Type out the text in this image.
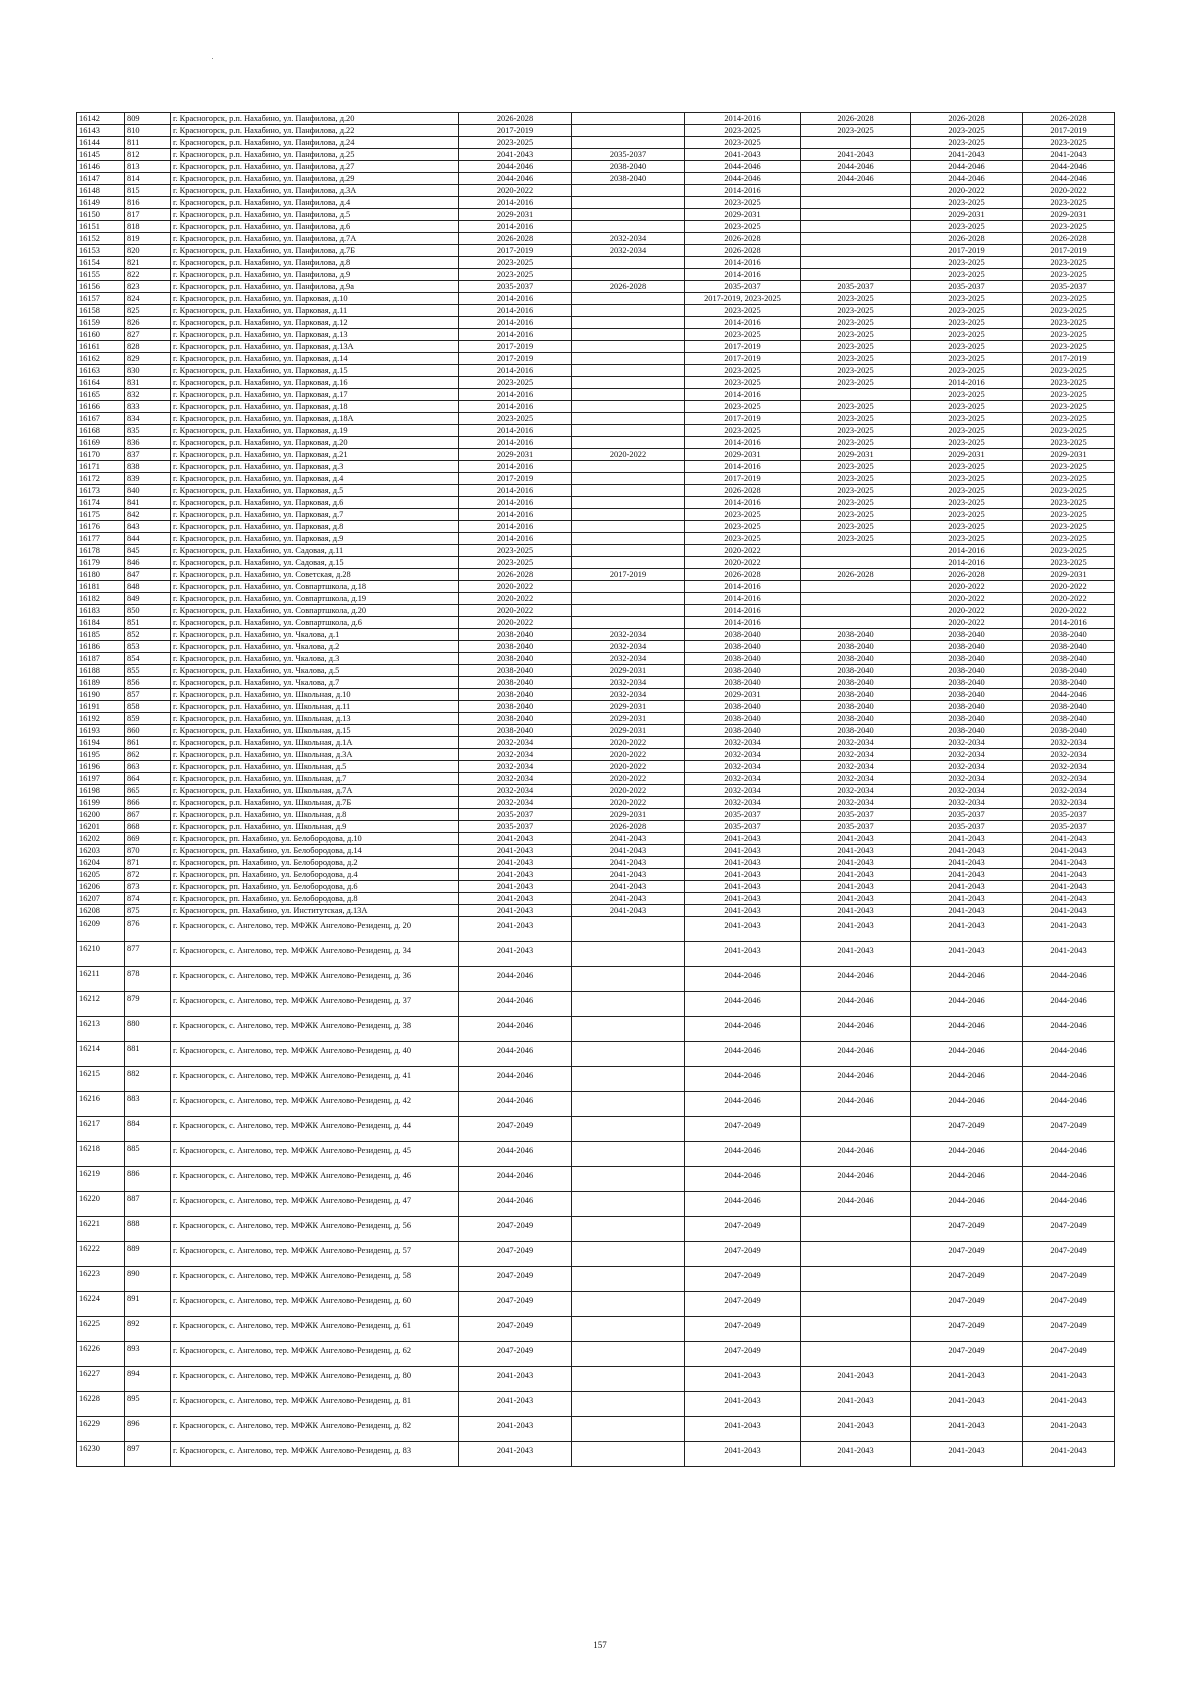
16142	809	г. Красногорск, р.п. Нахабино, ул. Панфилова, д.20	2026-2028		2014-2016	2026-2028	2026-2028	2026-2028
16143	810	г. Красногорск, р.п. Нахабино, ул. Панфилова, д.22	2017-2019		2023-2025	2023-2025	2023-2025	2017-2019
16144	811	г. Красногорск, р.п. Нахабино, ул. Панфилова, д.24	2023-2025		2023-2025		2023-2025	2023-2025
16145	812	г. Красногорск, р.п. Нахабино, ул. Панфилова, д.25	2041-2043	2035-2037	2041-2043	2041-2043	2041-2043	2041-2043
16146	813	г. Красногорск, р.п. Нахабино, ул. Панфилова, д.27	2044-2046	2038-2040	2044-2046	2044-2046	2044-2046	2044-2046
16147	814	г. Красногорск, р.п. Нахабино, ул. Панфилова, д.29	2044-2046	2038-2040	2044-2046	2044-2046	2044-2046	2044-2046
16148	815	г. Красногорск, р.п. Нахабино, ул. Панфилова, д.3А	2020-2022		2014-2016		2020-2022	2020-2022
16149	816	г. Красногорск, р.п. Нахабино, ул. Панфилова, д.4	2014-2016		2023-2025		2023-2025	2023-2025
16150	817	г. Красногорск, р.п. Нахабино, ул. Панфилова, д.5	2029-2031		2029-2031		2029-2031	2029-2031
16151	818	г. Красногорск, р.п. Нахабино, ул. Панфилова, д.6	2014-2016		2023-2025		2023-2025	2023-2025
16152	819	г. Красногорск, р.п. Нахабино, ул. Панфилова, д.7А	2026-2028	2032-2034	2026-2028		2026-2028	2026-2028
16153	820	г. Красногорск, р.п. Нахабино, ул. Панфилова, д.7Б	2017-2019	2032-2034	2026-2028		2017-2019	2017-2019
16154	821	г. Красногорск, р.п. Нахабино, ул. Панфилова, д.8	2023-2025		2014-2016		2023-2025	2023-2025
16155	822	г. Красногорск, р.п. Нахабино, ул. Панфилова, д.9	2023-2025		2014-2016		2023-2025	2023-2025
16156	823	г. Красногорск, р.п. Нахабино, ул. Панфилова, д.9а	2035-2037	2026-2028	2035-2037	2035-2037	2035-2037	2035-2037
16157	824	г. Красногорск, р.п. Нахабино, ул. Парковая, д.10	2014-2016		2017-2019, 2023-2025	2023-2025	2023-2025	2023-2025
16158	825	г. Красногорск, р.п. Нахабино, ул. Парковая, д.11	2014-2016		2023-2025	2023-2025	2023-2025	2023-2025
16159	826	г. Красногорск, р.п. Нахабино, ул. Парковая, д.12	2014-2016		2014-2016	2023-2025	2023-2025	2023-2025
16160	827	г. Красногорск, р.п. Нахабино, ул. Парковая, д.13	2014-2016		2023-2025	2023-2025	2023-2025	2023-2025
16161	828	г. Красногорск, р.п. Нахабино, ул. Парковая, д.13А	2017-2019		2017-2019	2023-2025	2023-2025	2023-2025
16162	829	г. Красногорск, р.п. Нахабино, ул. Парковая, д.14	2017-2019		2017-2019	2023-2025	2023-2025	2017-2019
16163	830	г. Красногорск, р.п. Нахабино, ул. Парковая, д.15	2014-2016		2023-2025	2023-2025	2023-2025	2023-2025
16164	831	г. Красногорск, р.п. Нахабино, ул. Парковая, д.16	2023-2025		2023-2025	2023-2025	2014-2016	2023-2025
16165	832	г. Красногорск, р.п. Нахабино, ул. Парковая, д.17	2014-2016		2014-2016		2023-2025	2023-2025
16166	833	г. Красногорск, р.п. Нахабино, ул. Парковая, д.18	2014-2016		2023-2025	2023-2025	2023-2025	2023-2025
16167	834	г. Красногорск, р.п. Нахабино, ул. Парковая, д.18А	2023-2025		2017-2019	2023-2025	2023-2025	2023-2025
16168	835	г. Красногорск, р.п. Нахабино, ул. Парковая, д.19	2014-2016		2023-2025	2023-2025	2023-2025	2023-2025
16169	836	г. Красногорск, р.п. Нахабино, ул. Парковая, д.20	2014-2016		2014-2016	2023-2025	2023-2025	2023-2025
16170	837	г. Красногорск, р.п. Нахабино, ул. Парковая, д.21	2029-2031	2020-2022	2029-2031	2029-2031	2029-2031	2029-2031
16171	838	г. Красногорск, р.п. Нахабино, ул. Парковая, д.3	2014-2016		2014-2016	2023-2025	2023-2025	2023-2025
16172	839	г. Красногорск, р.п. Нахабино, ул. Парковая, д.4	2017-2019		2017-2019	2023-2025	2023-2025	2023-2025
16173	840	г. Красногорск, р.п. Нахабино, ул. Парковая, д.5	2014-2016		2026-2028	2023-2025	2023-2025	2023-2025
16174	841	г. Красногорск, р.п. Нахабино, ул. Парковая, д.6	2014-2016		2014-2016	2023-2025	2023-2025	2023-2025
16175	842	г. Красногорск, р.п. Нахабино, ул. Парковая, д.7	2014-2016		2023-2025	2023-2025	2023-2025	2023-2025
16176	843	г. Красногорск, р.п. Нахабино, ул. Парковая, д.8	2014-2016		2023-2025	2023-2025	2023-2025	2023-2025
16177	844	г. Красногорск, р.п. Нахабино, ул. Парковая, д.9	2014-2016		2023-2025	2023-2025	2023-2025	2023-2025
16178	845	г. Красногорск, р.п. Нахабино, ул. Садовая, д.11	2023-2025		2020-2022		2014-2016	2023-2025
16179	846	г. Красногорск, р.п. Нахабино, ул. Садовая, д.15	2023-2025		2020-2022		2014-2016	2023-2025
16180	847	г. Красногорск, р.п. Нахабино, ул. Советская, д.28	2026-2028	2017-2019	2026-2028	2026-2028	2026-2028	2029-2031
16181	848	г. Красногорск, р.п. Нахабино, ул. Совпартшкола, д.18	2020-2022		2014-2016		2020-2022	2020-2022
16182	849	г. Красногорск, р.п. Нахабино, ул. Совпартшкола, д.19	2020-2022		2014-2016		2020-2022	2020-2022
16183	850	г. Красногорск, р.п. Нахабино, ул. Совпартшкола, д.20	2020-2022		2014-2016		2020-2022	2020-2022
16184	851	г. Красногорск, р.п. Нахабино, ул. Совпартшкола, д.6	2020-2022		2014-2016		2020-2022	2014-2016
16185	852	г. Красногорск, р.п. Нахабино, ул. Чкалова, д.1	2038-2040	2032-2034	2038-2040	2038-2040	2038-2040	2038-2040
16186	853	г. Красногорск, р.п. Нахабино, ул. Чкалова, д.2	2038-2040	2032-2034	2038-2040	2038-2040	2038-2040	2038-2040
16187	854	г. Красногорск, р.п. Нахабино, ул. Чкалова, д.3	2038-2040	2032-2034	2038-2040	2038-2040	2038-2040	2038-2040
16188	855	г. Красногорск, р.п. Нахабино, ул. Чкалова, д.5	2038-2040	2029-2031	2038-2040	2038-2040	2038-2040	2038-2040
16189	856	г. Красногорск, р.п. Нахабино, ул. Чкалова, д.7	2038-2040	2032-2034	2038-2040	2038-2040	2038-2040	2038-2040
16190	857	г. Красногорск, р.п. Нахабино, ул. Школьная, д.10	2038-2040	2032-2034	2029-2031	2038-2040	2038-2040	2044-2046
16191	858	г. Красногорск, р.п. Нахабино, ул. Школьная, д.11	2038-2040	2029-2031	2038-2040	2038-2040	2038-2040	2038-2040
16192	859	г. Красногорск, р.п. Нахабино, ул. Школьная, д.13	2038-2040	2029-2031	2038-2040	2038-2040	2038-2040	2038-2040
16193	860	г. Красногорск, р.п. Нахабино, ул. Школьная, д.15	2038-2040	2029-2031	2038-2040	2038-2040	2038-2040	2038-2040
16194	861	г. Красногорск, р.п. Нахабино, ул. Школьная, д.1А	2032-2034	2020-2022	2032-2034	2032-2034	2032-2034	2032-2034
16195	862	г. Красногорск, р.п. Нахабино, ул. Школьная, д.3А	2032-2034	2020-2022	2032-2034	2032-2034	2032-2034	2032-2034
16196	863	г. Красногорск, р.п. Нахабино, ул. Школьная, д.5	2032-2034	2020-2022	2032-2034	2032-2034	2032-2034	2032-2034
16197	864	г. Красногорск, р.п. Нахабино, ул. Школьная, д.7	2032-2034	2020-2022	2032-2034	2032-2034	2032-2034	2032-2034
16198	865	г. Красногорск, р.п. Нахабино, ул. Школьная, д.7А	2032-2034	2020-2022	2032-2034	2032-2034	2032-2034	2032-2034
16199	866	г. Красногорск, р.п. Нахабино, ул. Школьная, д.7Б	2032-2034	2020-2022	2032-2034	2032-2034	2032-2034	2032-2034
16200	867	г. Красногорск, р.п. Нахабино, ул. Школьная, д.8	2035-2037	2029-2031	2035-2037	2035-2037	2035-2037	2035-2037
16201	868	г. Красногорск, р.п. Нахабино, ул. Школьная, д.9	2035-2037	2026-2028	2035-2037	2035-2037	2035-2037	2035-2037
16202	869	г. Красногорск, рп. Нахабино, ул. Белобородова, д.10	2041-2043	2041-2043	2041-2043	2041-2043	2041-2043	2041-2043
16203	870	г. Красногорск, рп. Нахабино, ул. Белобородова, д.14	2041-2043	2041-2043	2041-2043	2041-2043	2041-2043	2041-2043
16204	871	г. Красногорск, рп. Нахабино, ул. Белобородова, д.2	2041-2043	2041-2043	2041-2043	2041-2043	2041-2043	2041-2043
16205	872	г. Красногорск, рп. Нахабино, ул. Белобородова, д.4	2041-2043	2041-2043	2041-2043	2041-2043	2041-2043	2041-2043
16206	873	г. Красногорск, рп. Нахабино, ул. Белобородова, д.6	2041-2043	2041-2043	2041-2043	2041-2043	2041-2043	2041-2043
16207	874	г. Красногорск, рп. Нахабино, ул. Белобородова, д.8	2041-2043	2041-2043	2041-2043	2041-2043	2041-2043	2041-2043
16208	875	г. Красногорск, рп. Нахабино, ул. Институтская, д.13А	2041-2043	2041-2043	2041-2043	2041-2043	2041-2043	2041-2043
16209	876	г. Красногорск, с. Ангелово, тер. МФЖК Ангелово-Резиденц, д. 20	2041-2043		2041-2043	2041-2043	2041-2043	2041-2043
16210	877	г. Красногорск, с. Ангелово, тер. МФЖК Ангелово-Резиденц, д. 34	2041-2043		2041-2043	2041-2043	2041-2043	2041-2043
16211	878	г. Красногорск, с. Ангелово, тер. МФЖК Ангелово-Резиденц, д. 36	2044-2046		2044-2046	2044-2046	2044-2046	2044-2046
16212	879	г. Красногорск, с. Ангелово, тер. МФЖК Ангелово-Резиденц, д. 37	2044-2046		2044-2046	2044-2046	2044-2046	2044-2046
16213	880	г. Красногорск, с. Ангелово, тер. МФЖК Ангелово-Резиденц, д. 38	2044-2046		2044-2046	2044-2046	2044-2046	2044-2046
16214	881	г. Красногорск, с. Ангелово, тер. МФЖК Ангелово-Резиденц, д. 40	2044-2046		2044-2046	2044-2046	2044-2046	2044-2046
16215	882	г. Красногорск, с. Ангелово, тер. МФЖК Ангелово-Резиденц, д. 41	2044-2046		2044-2046	2044-2046	2044-2046	2044-2046
16216	883	г. Красногорск, с. Ангелово, тер. МФЖК Ангелово-Резиденц, д. 42	2044-2046		2044-2046	2044-2046	2044-2046	2044-2046
16217	884	г. Красногорск, с. Ангелово, тер. МФЖК Ангелово-Резиденц, д. 44	2047-2049		2047-2049		2047-2049	2047-2049
16218	885	г. Красногорск, с. Ангелово, тер. МФЖК Ангелово-Резиденц, д. 45	2044-2046		2044-2046	2044-2046	2044-2046	2044-2046
16219	886	г. Красногорск, с. Ангелово, тер. МФЖК Ангелово-Резиденц, д. 46	2044-2046		2044-2046	2044-2046	2044-2046	2044-2046
16220	887	г. Красногорск, с. Ангелово, тер. МФЖК Ангелово-Резиденц, д. 47	2044-2046		2044-2046	2044-2046	2044-2046	2044-2046
16221	888	г. Красногорск, с. Ангелово, тер. МФЖК Ангелово-Резиденц, д. 56	2047-2049		2047-2049		2047-2049	2047-2049
16222	889	г. Красногорск, с. Ангелово, тер. МФЖК Ангелово-Резиденц, д. 57	2047-2049		2047-2049		2047-2049	2047-2049
16223	890	г. Красногорск, с. Ангелово, тер. МФЖК Ангелово-Резиденц, д. 58	2047-2049		2047-2049		2047-2049	2047-2049
16224	891	г. Красногорск, с. Ангелово, тер. МФЖК Ангелово-Резиденц, д. 60	2047-2049		2047-2049		2047-2049	2047-2049
16225	892	г. Красногорск, с. Ангелово, тер. МФЖК Ангелово-Резиденц, д. 61	2047-2049		2047-2049		2047-2049	2047-2049
16226	893	г. Красногорск, с. Ангелово, тер. МФЖК Ангелово-Резиденц, д. 62	2047-2049		2047-2049		2047-2049	2047-2049
16227	894	г. Красногорск, с. Ангелово, тер. МФЖК Ангелово-Резиденц, д. 80	2041-2043		2041-2043	2041-2043	2041-2043	2041-2043
16228	895	г. Красногорск, с. Ангелово, тер. МФЖК Ангелово-Резиденц, д. 81	2041-2043		2041-2043	2041-2043	2041-2043	2041-2043
16229	896	г. Красногорск, с. Ангелово, тер. МФЖК Ангелово-Резиденц, д. 82	2041-2043		2041-2043	2041-2043	2041-2043	2041-2043
16230	897	г. Красногорск, с. Ангелово, тер. МФЖК Ангелово-Резиденц, д. 83	2041-2043		2041-2043	2041-2043	2041-2043	2041-2043
157
